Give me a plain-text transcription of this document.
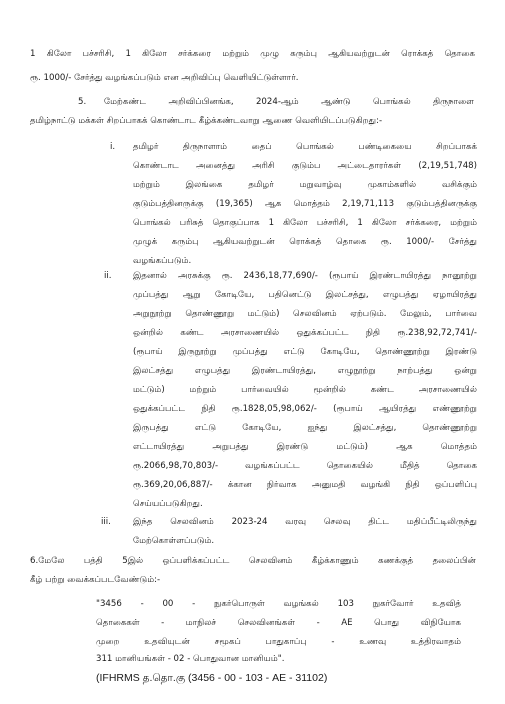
1 கிலோ பச்சரிசி, 1 கிலோ சர்க்கரை மற்றும் முழு கரும்பு ஆகியவற்றுடன் ரொக்கத் தொகை
ரூ. 1000/- சேர்த்து வழங்கப்படும் என அறிவிப்பு வெளியிட்டுள்ளார்.
5. மேற்கண்ட அறிவிப்பினங்க, 2024-ஆம் ஆண்டு பொங்கல் திருநாளை
தமிழ்நாட்டு மக்கள் சிறப்பாகக் கொண்டாட கீழ்க்கண்டவாறு ஆணை வெளியிடப்படுகிறது:-
i. தமிழர் திருநாளாம் தைப் பொங்கல் பண்டிகையை சிறப்பாகக்
கொண்டாட அனைத்து அரிசி குடும்ப அட்டைதாரர்கள் (2,19,51,748)
மற்றும் இலங்கை தமிழர் மறுவாழ்வு முகாம்களில் வசிக்கும்
குடும்பத்தினருக்கு (19,365) ஆக மொத்தம் 2,19,71,113 குடும்பத்தினருக்கு
பொங்கல் பரிசுத் தொகுப்பாக 1 கிலோ பச்சரிசி, 1 கிலோ சர்க்கரை, மற்றும்
முழுக் கரும்பு ஆகியவற்றுடன் ரொக்கத் தொகை ரூ. 1000/- சேர்த்து
வழங்கப்படும்.
ii. இதனால் அரசுக்கு ரூ. 2436,18,77,690/- (ரூபாய் இரண்டாயிரத்து நானூற்று
முப்பத்து ஆறு கோடியே, பதினெட்டு இலட்சத்து, எழுபத்து ஏழாயிரத்து
அறுநூற்று தொண்ணூறு மட்டும்) செலவினம் ஏற்படும். மேலும், பார்வை
ஒன்றில் கண்ட அரசாணையில் ஒதுக்கப்பட்ட நிதி ரூ.238,92,72,741/-
(ரூபாய் இருநூற்று முப்பத்து எட்டு கோடியே, தொண்ணூற்று இரண்டு
இலட்சத்து எழுபத்து இரண்டாயிரத்து, எழுநூற்று நாற்பத்து ஒன்று
மட்டும்) மற்றும் பார்வையில் மூன்றில் கண்ட அரசாணையில்
ஒதுக்கப்பட்ட நிதி ரூ.1828,05,98,062/- (ரூபாய் ஆயிரத்து எண்ணூற்று
இருபத்து எட்டு கோடியே, ஐந்து இலட்சத்து, தொண்ணூற்று
எட்டாயிரத்து அறுபத்து இரண்டு மட்டும்) ஆக மொத்தம்
ரூ.2066,98,70,803/- வழங்கப்பட்ட தொகையில் மீதித் தொகை
ரூ.369,20,06,887/- க்கான நிர்வாக அனுமதி வழங்கி நிதி ஒப்பளிப்பு
செய்யப்படுகிறது.
iii.	இந்த செலவினம் 2023-24 வரவு செலவு திட்ட மதிப்பீட்டிலிருந்து
மேற்கொள்ளப்படும்.
6.மேலே பத்தி 5இல் ஒப்பளிக்கப்பட்ட செலவினம் கீழ்க்காணும் கணக்குத் தலைப்பின்
கீழ் பற்று வைக்கப்படவேண்டும்:-
"3456 - 00 - நுகர்பொருள் வழங்கல் 103 நுகர்வோர் உதவித்
தொகைகள் - மாநிலச் செலவினங்கள் - AE பொது விநியோக
முறை உதவியுடன் சமூகப் பாதுகாப்பு - உணவு உத்திரவாதம்
311 மானியங்கள் - 02 - பொதுவான மானியம்".
(IFHRMS த.தொ.கு (3456 - 00 - 103 - AE - 31102)
